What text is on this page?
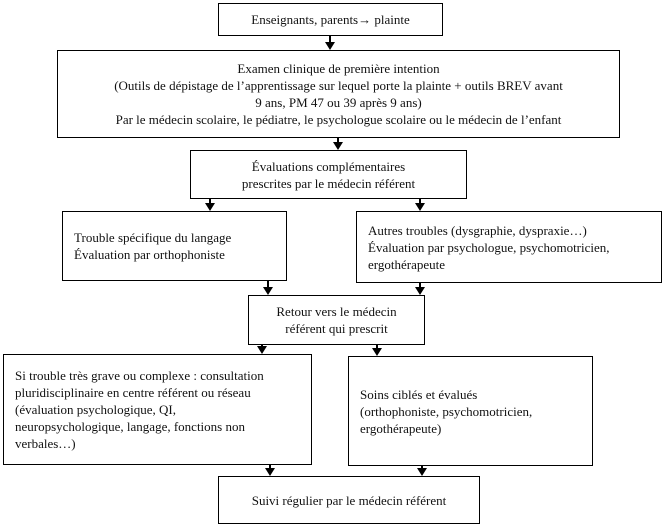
Enseignants, parents→ plainte
Examen clinique de première intention
(Outils de dépistage de l’apprentissage sur lequel porte la plainte + outils BREV avant
9 ans, PM 47 ou 39 après 9 ans)
Par le médecin scolaire, le pédiatre, le psychologue scolaire ou le médecin de l’enfant
Évaluations complémentaires
prescrites par le médecin référent
Trouble spécifique du langage
Évaluation par orthophoniste
Autres troubles (dysgraphie, dyspraxie…)
Évaluation par psychologue, psychomotricien,
ergothérapeute
Retour vers le médecin
référent qui prescrit
Si trouble très grave ou complexe : consultation
pluridisciplinaire en centre référent ou réseau
(évaluation psychologique, QI,
neuropsychologique, langage, fonctions non
verbales…)
Soins ciblés et évalués
(orthophoniste, psychomotricien,
ergothérapeute)
Suivi régulier par le médecin référent
